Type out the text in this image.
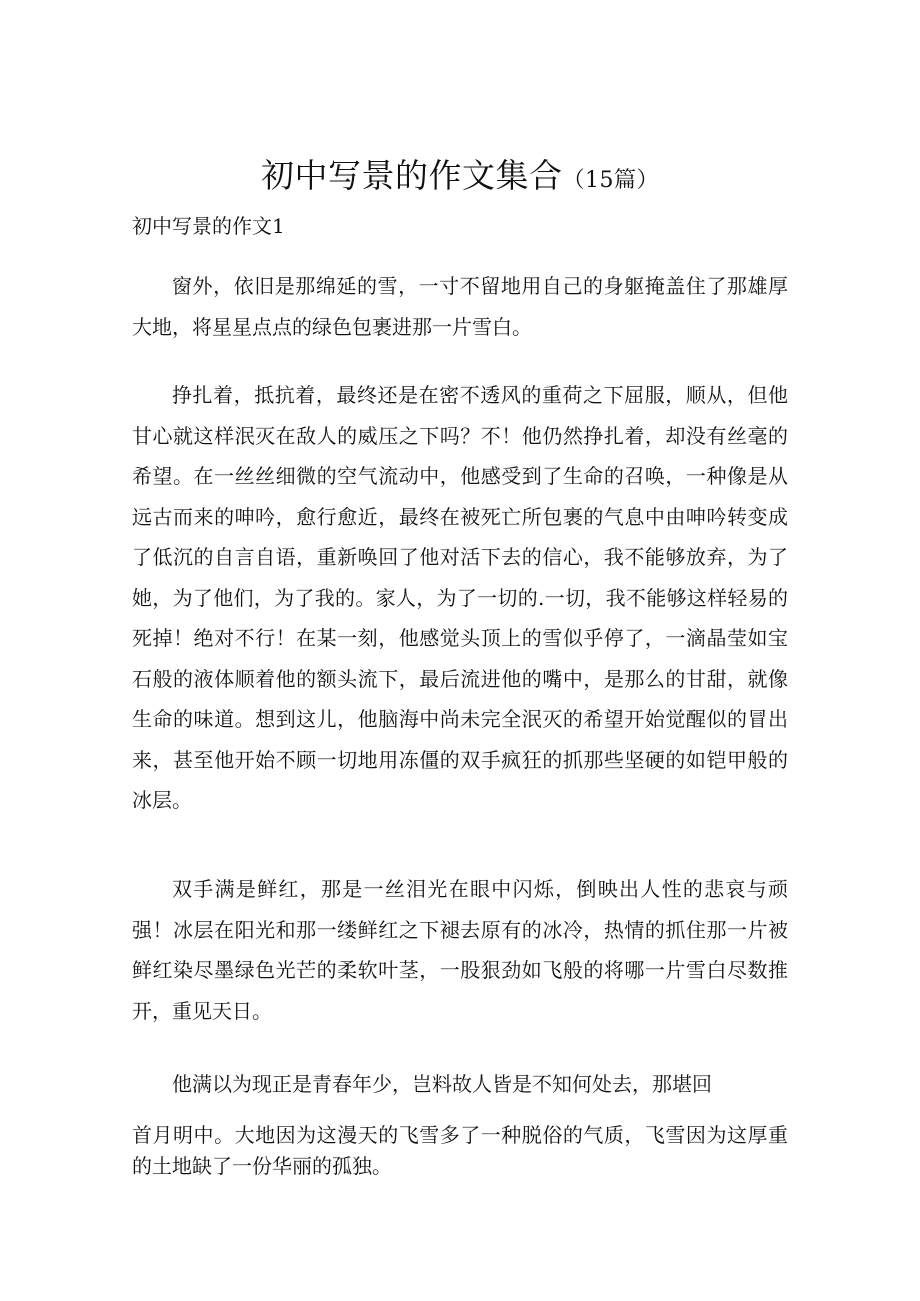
初中写景的作文集合（15篇）
初中写景的作文1

窗外，依旧是那绵延的雪，一寸不留地用自己的身躯掩盖住了那雄厚大地，将星星点点的绿色包裹进那一片雪白。

挣扎着，抵抗着，最终还是在密不透风的重荷之下屈服，顺从，但他甘心就这样泯灭在敌人的威压之下吗？不！他仍然挣扎着，却没有丝毫的希望。在一丝丝细微的空气流动中，他感受到了生命的召唤，一种像是从远古而来的呻吟，愈行愈近，最终在被死亡所包裹的气息中由呻吟转变成了低沉的自言自语，重新唤回了他对活下去的信心，我不能够放弃，为了她，为了他们，为了我的。家人，为了一切的.一切，我不能够这样轻易的死掉！绝对不行！在某一刻，他感觉头顶上的雪似乎停了，一滴晶莹如宝石般的液体顺着他的额头流下，最后流进他的嘴中，是那么的甘甜，就像生命的味道。想到这儿，他脑海中尚未完全泯灭的希望开始觉醒似的冒出来，甚至他开始不顾一切地用冻僵的双手疯狂的抓那些坚硬的如铠甲般的冰层。

双手满是鲜红，那是一丝泪光在眼中闪烁，倒映出人性的悲哀与顽强！冰层在阳光和那一缕鲜红之下褪去原有的冰冷，热情的抓住那一片被鲜红染尽墨绿色光芒的柔软叶茎，一股狠劲如飞般的将哪一片雪白尽数推开，重见天日。

他满以为现正是青春年少，岂料故人皆是不知何处去，那堪回

首月明中。大地因为这漫天的飞雪多了一种脱俗的气质，飞雪因为这厚重的土地缺了一份华丽的孤独。
